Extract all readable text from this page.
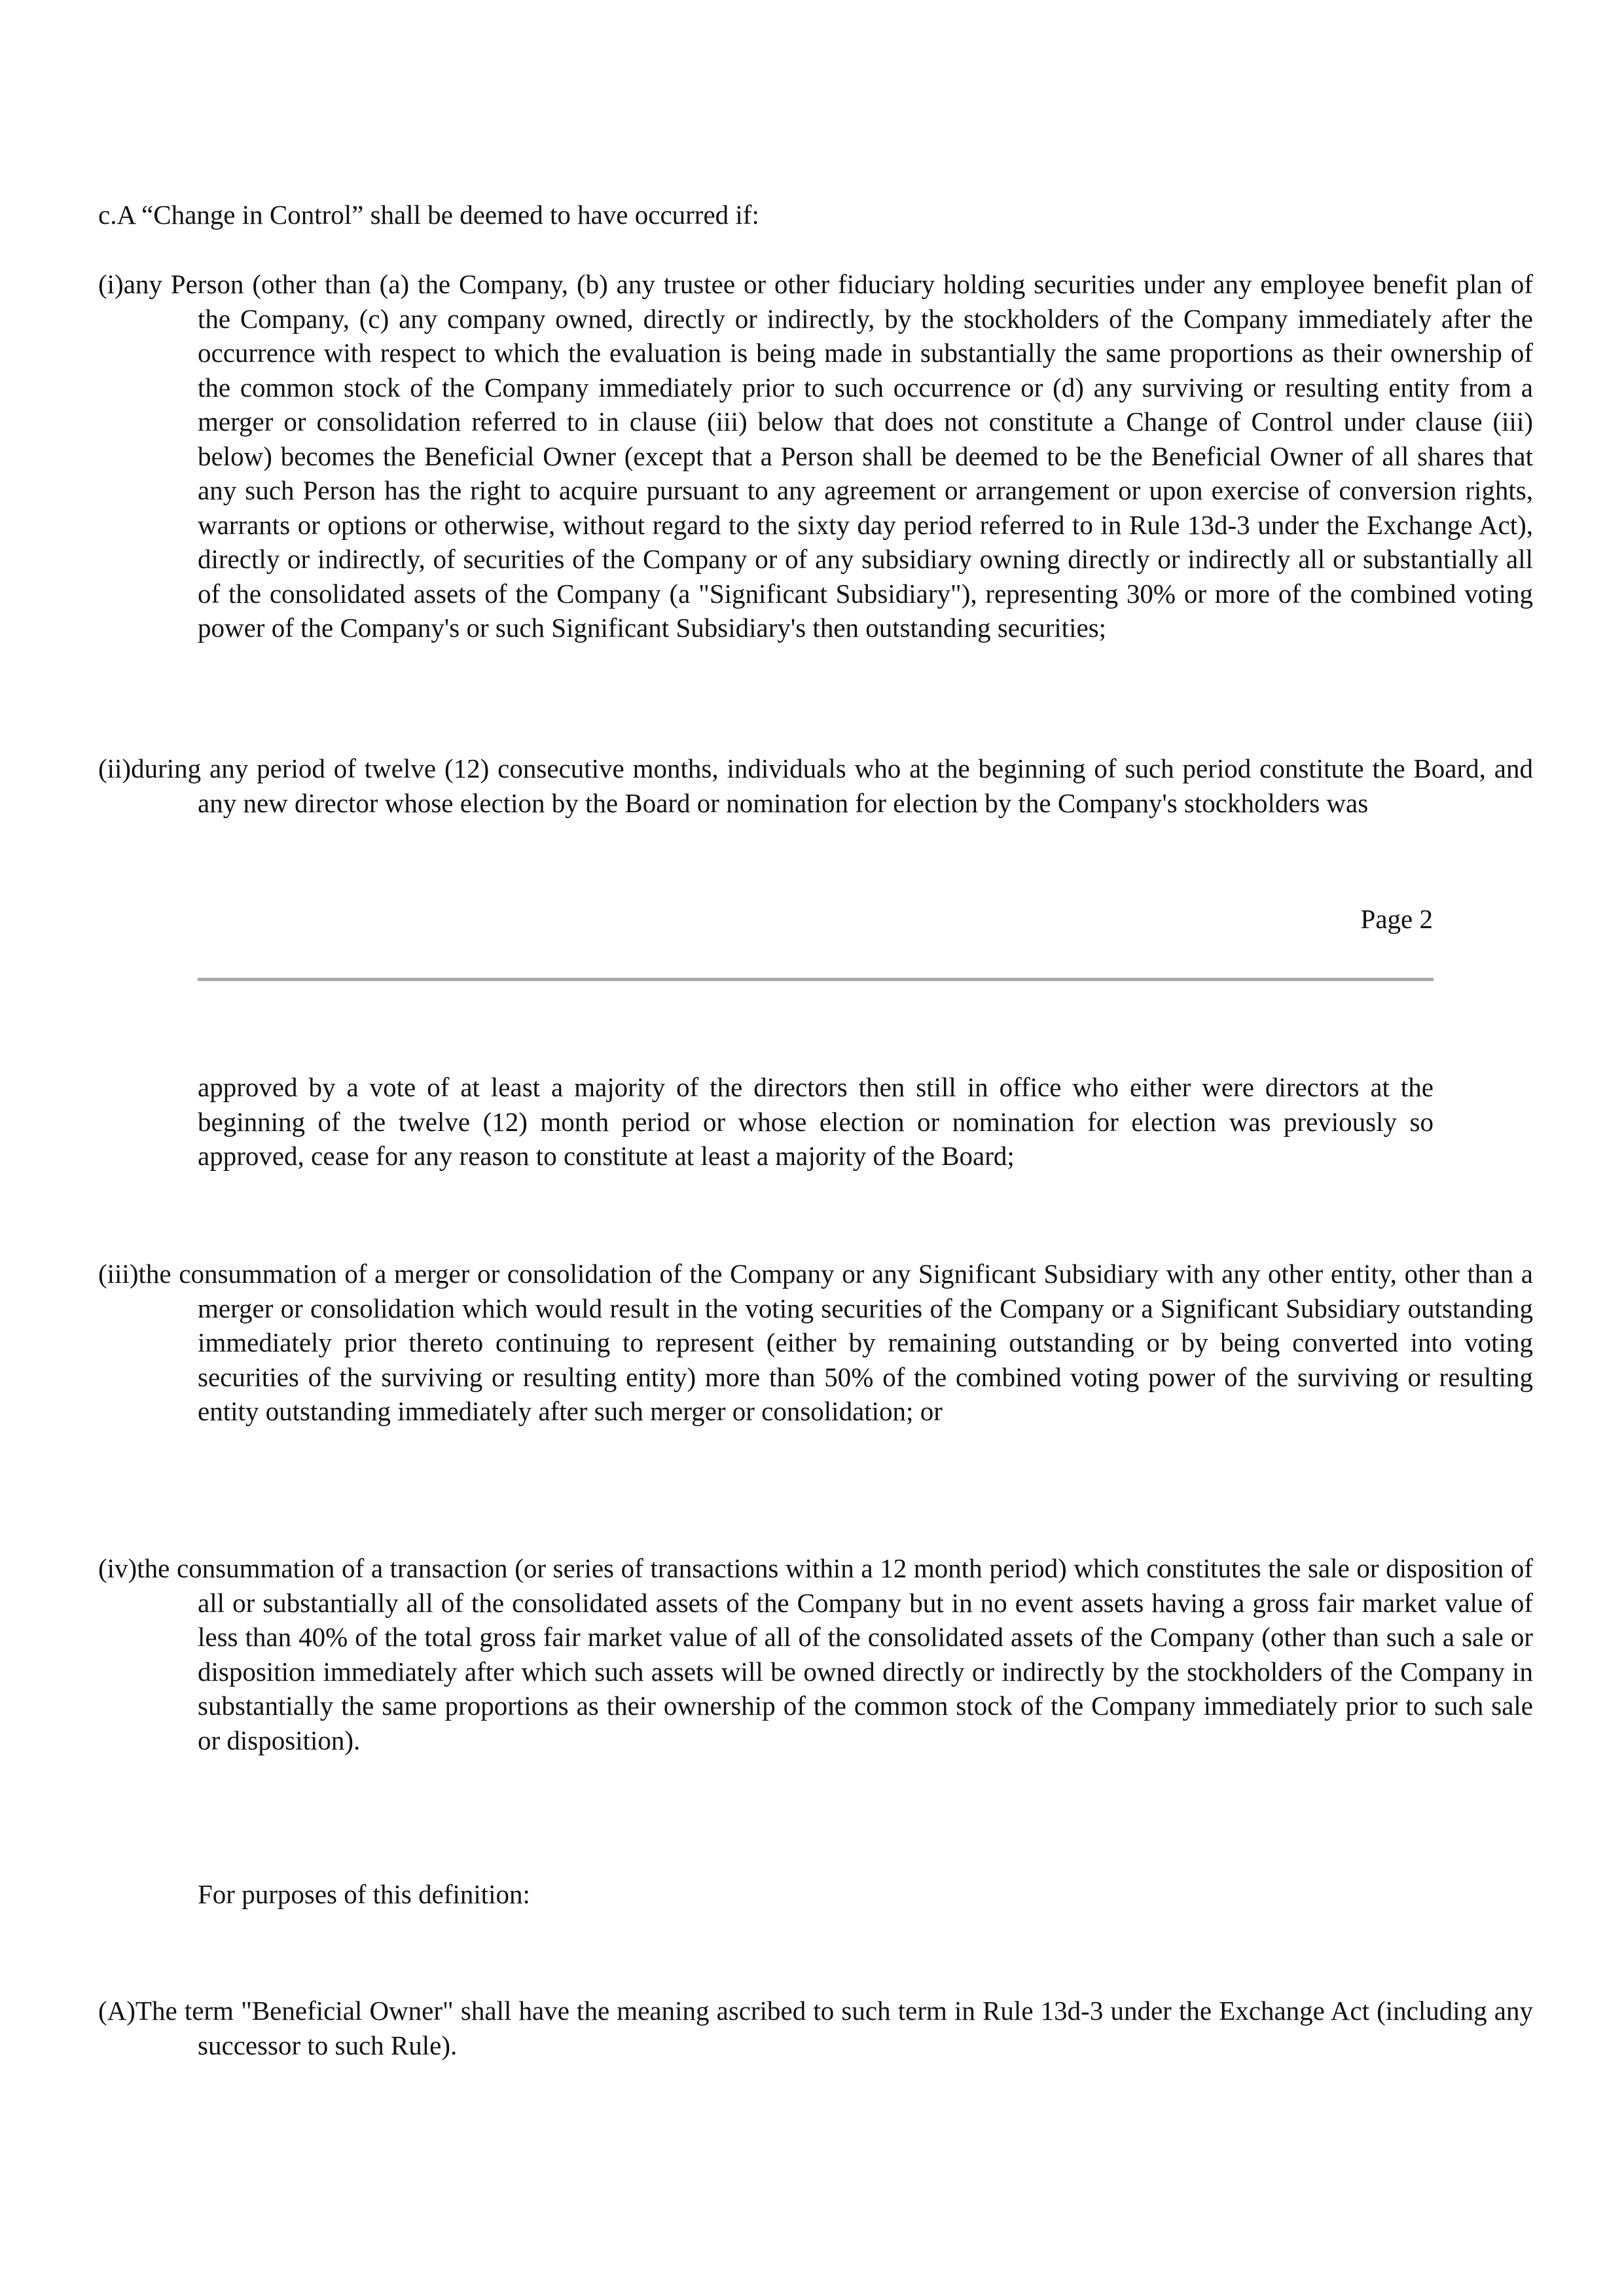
c.A “Change in Control” shall be deemed to have occurred if:

(i)any Person (other than (a) the Company, (b) any trustee or other fiduciary holding securities under any employee benefit plan of the Company, (c) any company owned, directly or indirectly, by the stockholders of the Company immediately after the occurrence with respect to which the evaluation is being made in substantially the same proportions as their ownership of the common stock of the Company immediately prior to such occurrence or (d) any surviving or resulting entity from a merger or consolidation referred to in clause (iii) below that does not constitute a Change of Control under clause (iii) below) becomes the Beneficial Owner (except that a Person shall be deemed to be the Beneficial Owner of all shares that any such Person has the right to acquire pursuant to any agreement or arrangement or upon exercise of conversion rights, warrants or options or otherwise, without regard to the sixty day period referred to in Rule 13d-3 under the Exchange Act), directly or indirectly, of securities of the Company or of any subsidiary owning directly or indirectly all or substantially all of the consolidated assets of the Company (a "Significant Subsidiary"), representing 30% or more of the combined voting power of the Company's or such Significant Subsidiary's then outstanding securities;

(ii)during any period of twelve (12) consecutive months, individuals who at the beginning of such period constitute the Board, and any new director whose election by the Board or nomination for election by the Company's stockholders was

Page 2

approved by a vote of at least a majority of the directors then still in office who either were directors at the beginning of the twelve (12) month period or whose election or nomination for election was previously so approved, cease for any reason to constitute at least a majority of the Board;

(iii)the consummation of a merger or consolidation of the Company or any Significant Subsidiary with any other entity, other than a merger or consolidation which would result in the voting securities of the Company or a Significant Subsidiary outstanding immediately prior thereto continuing to represent (either by remaining outstanding or by being converted into voting securities of the surviving or resulting entity) more than 50% of the combined voting power of the surviving or resulting entity outstanding immediately after such merger or consolidation; or

(iv)the consummation of a transaction (or series of transactions within a 12 month period) which constitutes the sale or disposition of all or substantially all of the consolidated assets of the Company but in no event assets having a gross fair market value of less than 40% of the total gross fair market value of all of the consolidated assets of the Company (other than such a sale or disposition immediately after which such assets will be owned directly or indirectly by the stockholders of the Company in substantially the same proportions as their ownership of the common stock of the Company immediately prior to such sale or disposition).

For purposes of this definition:

(A)The term "Beneficial Owner" shall have the meaning ascribed to such term in Rule 13d-3 under the Exchange Act (including any successor to such Rule).
